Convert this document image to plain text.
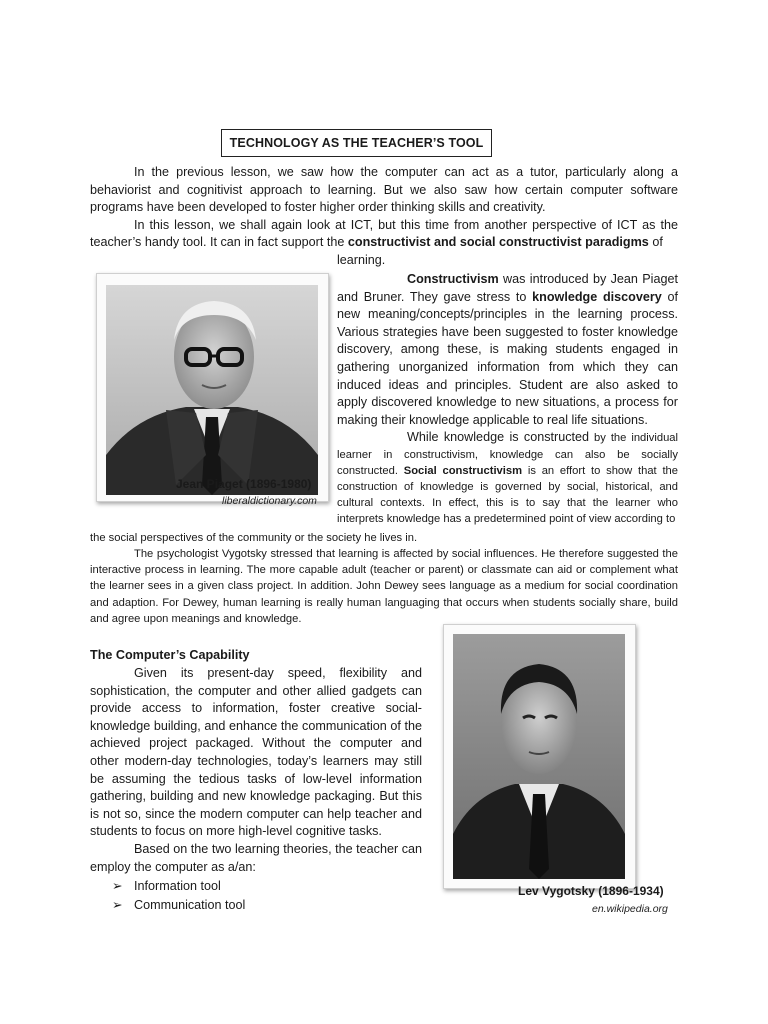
TECHNOLOGY AS THE TEACHER’S TOOL

In the previous lesson, we saw how the computer can act as a tutor, particularly along a behaviorist and cognitivist approach to learning. But we also saw how certain computer software programs have been developed to foster higher order thinking skills and creativity.

In this lesson, we shall again look at ICT, but this time from another perspective of ICT as the teacher’s handy tool. It can in fact support the constructivist and social constructivist paradigms of

learning.
Jean Piaget (1896-1980)
liberaldictionary.com

Constructivism was introduced by Jean Piaget and Bruner. They gave stress to knowledge discovery of new meaning/concepts/principles in the learning process. Various strategies have been suggested to foster knowledge discovery, among these, is making students engaged in gathering unorganized information from which they can induced ideas and principles. Student are also asked to apply discovered knowledge to new situations, a process for making their knowledge applicable to real life situations.

While knowledge is constructed by the individual learner in constructivism, knowledge can also be socially constructed. Social constructivism is an effort to show that the construction of knowledge is governed by social, historical, and cultural contexts. In effect, this is to say that the learner who interprets knowledge has a predetermined point of view according to

the social perspectives of the community or the society he lives in.

The psychologist Vygotsky stressed that learning is affected by social influences. He therefore suggested the interactive process in learning. The more capable adult (teacher or parent) or classmate can aid or complement what the learner sees in a given class project. In addition. John Dewey sees language as a medium for social coordination and adaption. For Dewey, human learning is really human languaging that occurs when students socially share, build and agree upon meanings and knowledge.

The Computer’s Capability

Given its present-day speed, flexibility and sophistication, the computer and other allied gadgets can provide access to information, foster creative social-knowledge building, and enhance the communication of the achieved project packaged. Without the computer and other modern-day technologies, today’s learners may still be assuming the tedious tasks of low-level information gathering, building and new knowledge packaging. But this is not so, since the modern computer can help teacher and students to focus on more high-level cognitive tasks.

Based on the two learning theories, the teacher can employ the computer as a/an:

➢ Information tool
➢ Communication tool
Lev Vygotsky (1896-1934)
en.wikipedia.org
